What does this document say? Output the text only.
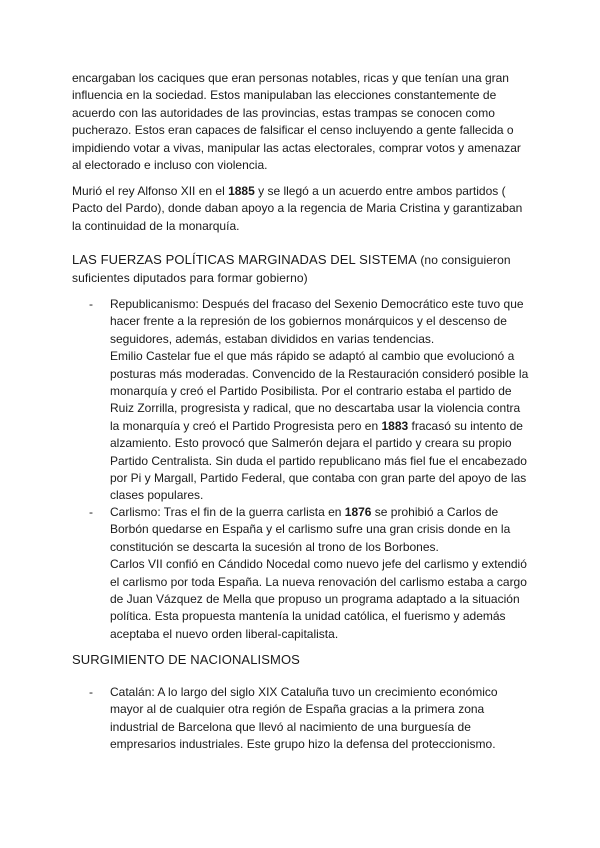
encargaban los caciques que eran personas notables, ricas y que tenían una gran influencia en la sociedad. Estos manipulaban las elecciones constantemente de acuerdo con las autoridades de las provincias, estas trampas se conocen como pucherazo. Estos eran capaces de falsificar el censo incluyendo a gente fallecida o impidiendo votar a vivas, manipular las actas electorales, comprar votos y amenazar al electorado e incluso con violencia.

Murió el rey Alfonso XII en el 1885 y se llegó a un acuerdo entre ambos partidos ( Pacto del Pardo), donde daban apoyo a la regencia de Maria Cristina y garantizaban la continuidad de la monarquía.

LAS FUERZAS POLÍTICAS MARGINADAS DEL SISTEMA (no consiguieron suficientes diputados para formar gobierno)

- Republicanismo: Después del fracaso del Sexenio Democrático este tuvo que hacer frente a la represión de los gobiernos monárquicos y el descenso de seguidores, además, estaban divididos en varias tendencias.

Emilio Castelar fue el que más rápido se adaptó al cambio que evolucionó a posturas más moderadas. Convencido de la Restauración consideró posible la monarquía y creó el Partido Posibilista. Por el contrario estaba el partido de Ruiz Zorrilla, progresista y radical, que no descartaba usar la violencia contra la monarquía y creó el Partido Progresista pero en 1883 fracasó su intento de alzamiento. Esto provocó que Salmerón dejara el partido y creara su propio Partido Centralista. Sin duda el partido republicano más fiel fue el encabezado por Pi y Margall, Partido Federal, que contaba con gran parte del apoyo de las clases populares.

- Carlismo: Tras el fin de la guerra carlista en 1876 se prohibió a Carlos de Borbón quedarse en España y el carlismo sufre una gran crisis donde en la constitución se descarta la sucesión al trono de los Borbones.

Carlos VII confió en Cándido Nocedal como nuevo jefe del carlismo y extendió el carlismo por toda España. La nueva renovación del carlismo estaba a cargo de Juan Vázquez de Mella que propuso un programa adaptado a la situación política. Esta propuesta mantenía la unidad católica, el fuerismo y además aceptaba el nuevo orden liberal-capitalista.

SURGIMIENTO DE NACIONALISMOS

- Catalán: A lo largo del siglo XIX Cataluña tuvo un crecimiento económico mayor al de cualquier otra región de España gracias a la primera zona industrial de Barcelona que llevó al nacimiento de una burguesía de empresarios industriales. Este grupo hizo la defensa del proteccionismo.
